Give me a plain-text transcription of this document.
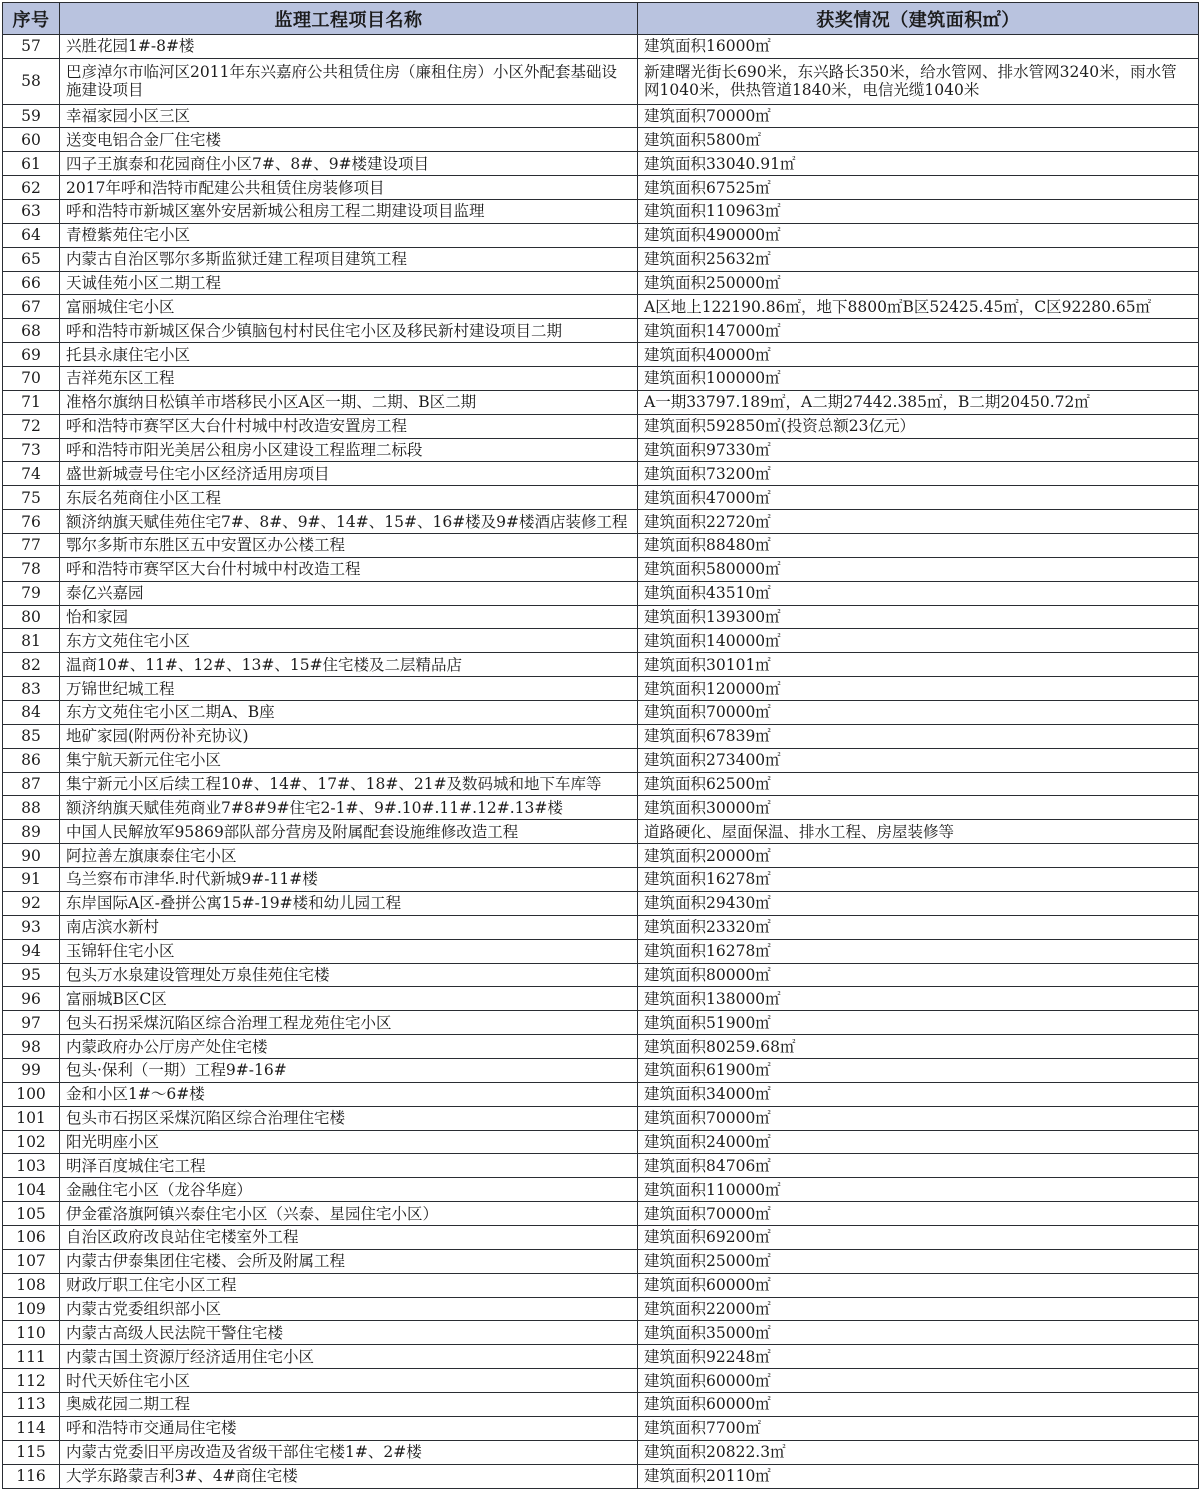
序号	监理工程项目名称	获奖情况（建筑面积㎡）
57	兴胜花园1#-8#楼	建筑面积16000㎡
58	巴彦淖尔市临河区2011年东兴嘉府公共租赁住房（廉租住房）小区外配套基础设施建设项目	新建曙光街长690米，东兴路长350米，给水管网、排水管网3240米，雨水管网1040米，供热管道1840米，电信光缆1040米
59	幸福家园小区三区	建筑面积70000㎡
60	送变电铝合金厂住宅楼	建筑面积5800㎡
61	四子王旗泰和花园商住小区7#、8#、9#楼建设项目	建筑面积33040.91㎡
62	2017年呼和浩特市配建公共租赁住房装修项目	建筑面积67525㎡
63	呼和浩特市新城区塞外安居新城公租房工程二期建设项目监理	建筑面积110963㎡
64	青橙紫苑住宅小区	建筑面积490000㎡
65	内蒙古自治区鄂尔多斯监狱迁建工程项目建筑工程	建筑面积25632㎡
66	天诚佳苑小区二期工程	建筑面积250000㎡
67	富丽城住宅小区	A区地上122190.86㎡，地下8800㎡B区52425.45㎡，C区92280.65㎡
68	呼和浩特市新城区保合少镇脑包村村民住宅小区及移民新村建设项目二期	建筑面积147000㎡
69	托县永康住宅小区	建筑面积40000㎡
70	吉祥苑东区工程	建筑面积100000㎡
71	准格尔旗纳日松镇羊市塔移民小区A区一期、二期、B区二期	A一期33797.189㎡，A二期27442.385㎡，B二期20450.72㎡
72	呼和浩特市赛罕区大台什村城中村改造安置房工程	建筑面积592850㎡(投资总额23亿元）
73	呼和浩特市阳光美居公租房小区建设工程监理二标段	建筑面积97330㎡
74	盛世新城壹号住宅小区经济适用房项目	建筑面积73200㎡
75	东辰名苑商住小区工程	建筑面积47000㎡
76	额济纳旗天赋佳苑住宅7#、8#、9#、14#、15#、16#楼及9#楼酒店装修工程	建筑面积22720㎡
77	鄂尔多斯市东胜区五中安置区办公楼工程	建筑面积88480㎡
78	呼和浩特市赛罕区大台什村城中村改造工程	建筑面积580000㎡
79	泰亿兴嘉园	建筑面积43510㎡
80	怡和家园	建筑面积139300㎡
81	东方文苑住宅小区	建筑面积140000㎡
82	温商10#、11#、12#、13#、15#住宅楼及二层精品店	建筑面积30101㎡
83	万锦世纪城工程	建筑面积120000㎡
84	东方文苑住宅小区二期A、B座	建筑面积70000㎡
85	地矿家园(附两份补充协议)	建筑面积67839㎡
86	集宁航天新元住宅小区	建筑面积273400㎡
87	集宁新元小区后续工程10#、14#、17#、18#、21#及数码城和地下车库等	建筑面积62500㎡
88	额济纳旗天赋佳苑商业7#8#9#住宅2-1#、9#.10#.11#.12#.13#楼	建筑面积30000㎡
89	中国人民解放军95869部队部分营房及附属配套设施维修改造工程	道路硬化、屋面保温、排水工程、房屋装修等
90	阿拉善左旗康泰住宅小区	建筑面积20000㎡
91	乌兰察布市津华.时代新城9#-11#楼	建筑面积16278㎡
92	东岸国际A区-叠拼公寓15#-19#楼和幼儿园工程	建筑面积29430㎡
93	南店滨水新村	建筑面积23320㎡
94	玉锦轩住宅小区	建筑面积16278㎡
95	包头万水泉建设管理处万泉佳苑住宅楼	建筑面积80000㎡
96	富丽城B区C区	建筑面积138000㎡
97	包头石拐采煤沉陷区综合治理工程龙苑住宅小区	建筑面积51900㎡
98	内蒙政府办公厅房产处住宅楼	建筑面积80259.68㎡
99	包头·保利（一期）工程9#-16#	建筑面积61900㎡
100	金和小区1#～6#楼	建筑面积34000㎡
101	包头市石拐区采煤沉陷区综合治理住宅楼	建筑面积70000㎡
102	阳光明座小区	建筑面积24000㎡
103	明泽百度城住宅工程	建筑面积84706㎡
104	金融住宅小区（龙谷华庭）	建筑面积110000㎡
105	伊金霍洛旗阿镇兴泰住宅小区（兴泰、星园住宅小区）	建筑面积70000㎡
106	自治区政府改良站住宅楼室外工程	建筑面积69200㎡
107	内蒙古伊泰集团住宅楼、会所及附属工程	建筑面积25000㎡
108	财政厅职工住宅小区工程	建筑面积60000㎡
109	内蒙古党委组织部小区	建筑面积22000㎡
110	内蒙古高级人民法院干警住宅楼	建筑面积35000㎡
111	内蒙古国土资源厅经济适用住宅小区	建筑面积92248㎡
112	时代天娇住宅小区	建筑面积60000㎡
113	奥威花园二期工程	建筑面积60000㎡
114	呼和浩特市交通局住宅楼	建筑面积7700㎡
115	内蒙古党委旧平房改造及省级干部住宅楼1#、2#楼	建筑面积20822.3㎡
116	大学东路蒙吉利3#、4#商住宅楼	建筑面积20110㎡
